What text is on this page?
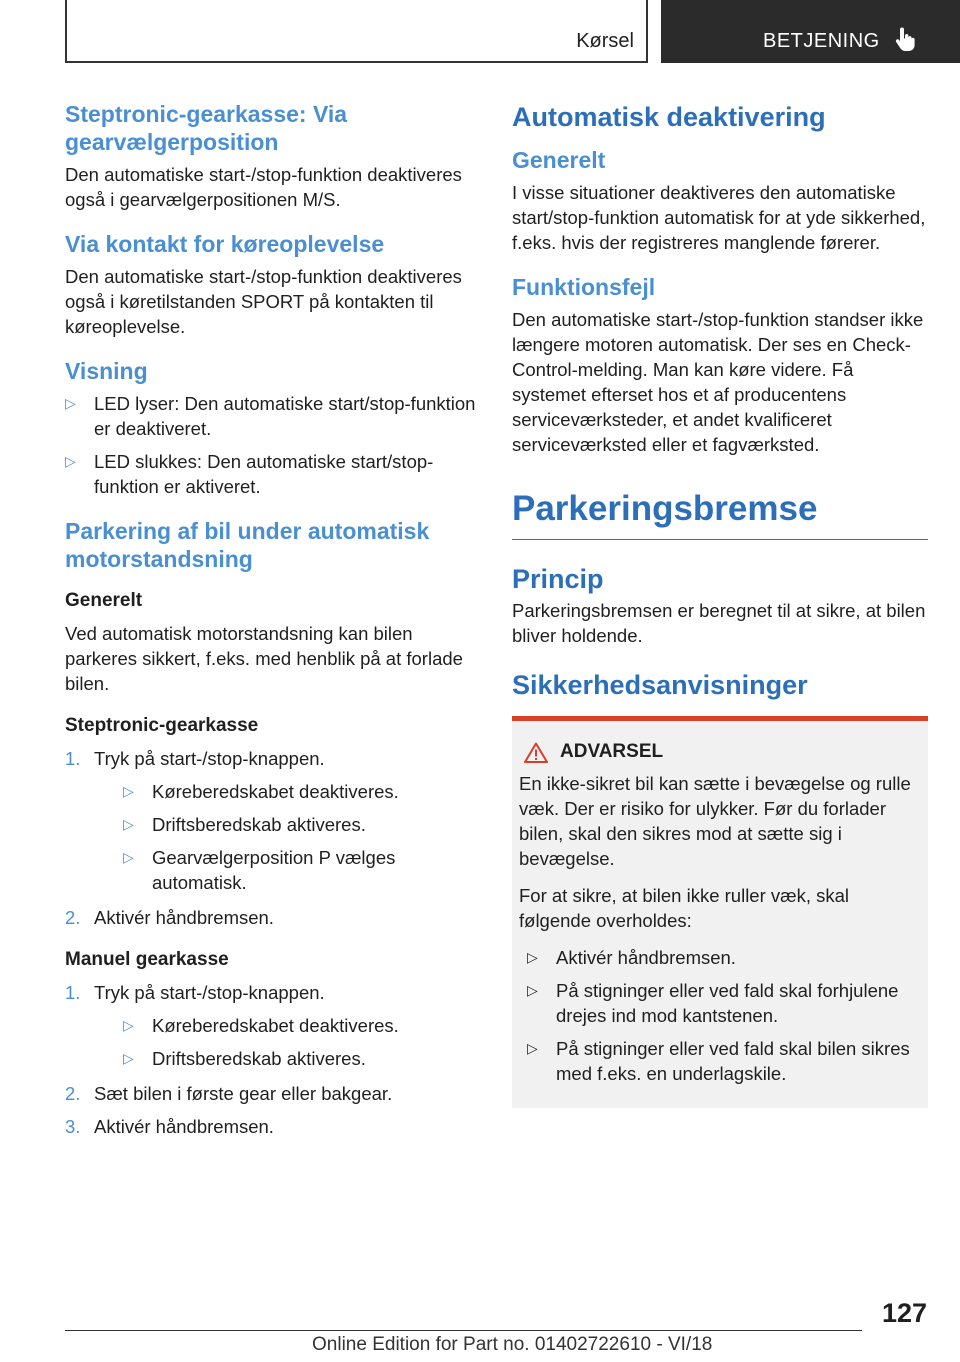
Kørsel	BETJENING
Steptronic-gearkasse: Via gearvælgerposition

Den automatiske start-/stop-funktion deaktiveres også i gearvælgerpositionen M/S.

Via kontakt for køreoplevelse

Den automatiske start-/stop-funktion deaktiveres også i køretilstanden SPORT på kontakten til køreoplevelse.

Visning
▷ LED lyser: Den automatiske start/stop-funktion er deaktiveret.
▷ LED slukkes: Den automatiske start/stop-funktion er aktiveret.
Parkering af bil under automatisk motorstandsning
Generelt

Ved automatisk motorstandsning kan bilen parkeres sikkert, f.eks. med henblik på at forlade bilen.

Steptronic-gearkasse
1. Tryk på start-/stop-knappen.
▷ Køreberedskabet deaktiveres.
▷ Driftsberedskab aktiveres.
▷ Gearvælgerposition P vælges automatisk.
2. Aktivér håndbremsen.
Manuel gearkasse
1. Tryk på start-/stop-knappen.
▷ Køreberedskabet deaktiveres.
▷ Driftsberedskab aktiveres.
2. Sæt bilen i første gear eller bakgear.
3. Aktivér håndbremsen.
Automatisk deaktivering
Generelt

I visse situationer deaktiveres den automatiske start/stop-funktion automatisk for at yde sikkerhed, f.eks. hvis der registreres manglende førerer.

Funktionsfejl

Den automatiske start-/stop-funktion standser ikke længere motoren automatisk. Der ses en Check-Control-melding. Man kan køre videre. Få systemet efterset hos et af producentens serviceværksteder, et andet kvalificeret serviceværksted eller et fagværksted.

Parkeringsbremse
Princip

Parkeringsbremsen er beregnet til at sikre, at bilen bliver holdende.

Sikkerhedsanvisninger
ADVARSEL

En ikke-sikret bil kan sætte i bevægelse og rulle væk. Der er risiko for ulykker. Før du forlader bilen, skal den sikres mod at sætte sig i bevægelse.

For at sikre, at bilen ikke ruller væk, skal følgende overholdes:

▷ Aktivér håndbremsen.
▷ På stigninger eller ved fald skal forhjulene drejes ind mod kantstenen.
▷ På stigninger eller ved fald skal bilen sikres med f.eks. en underlagskile.
127
Online Edition for Part no. 01402722610 - VI/18
